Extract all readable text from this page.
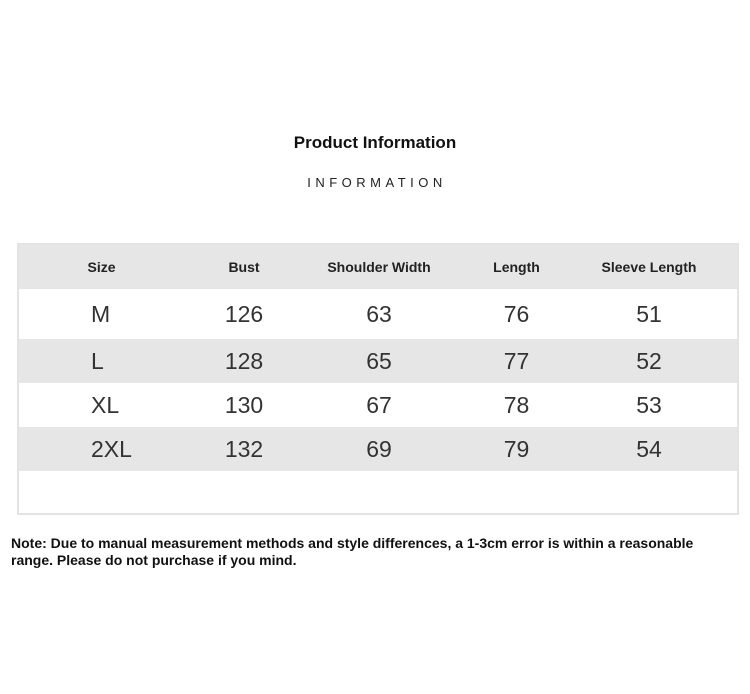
Product Information
INFORMATION
Size	Bust	Shoulder Width	Length	Sleeve Length
M	126	63	76	51
L	128	65	77	52
XL	130	67	78	53
2XL	132	69	79	54
Note: Due to manual measurement methods and style differences, a 1-3cm error is within a reasonable range. Please do not purchase if you mind.
